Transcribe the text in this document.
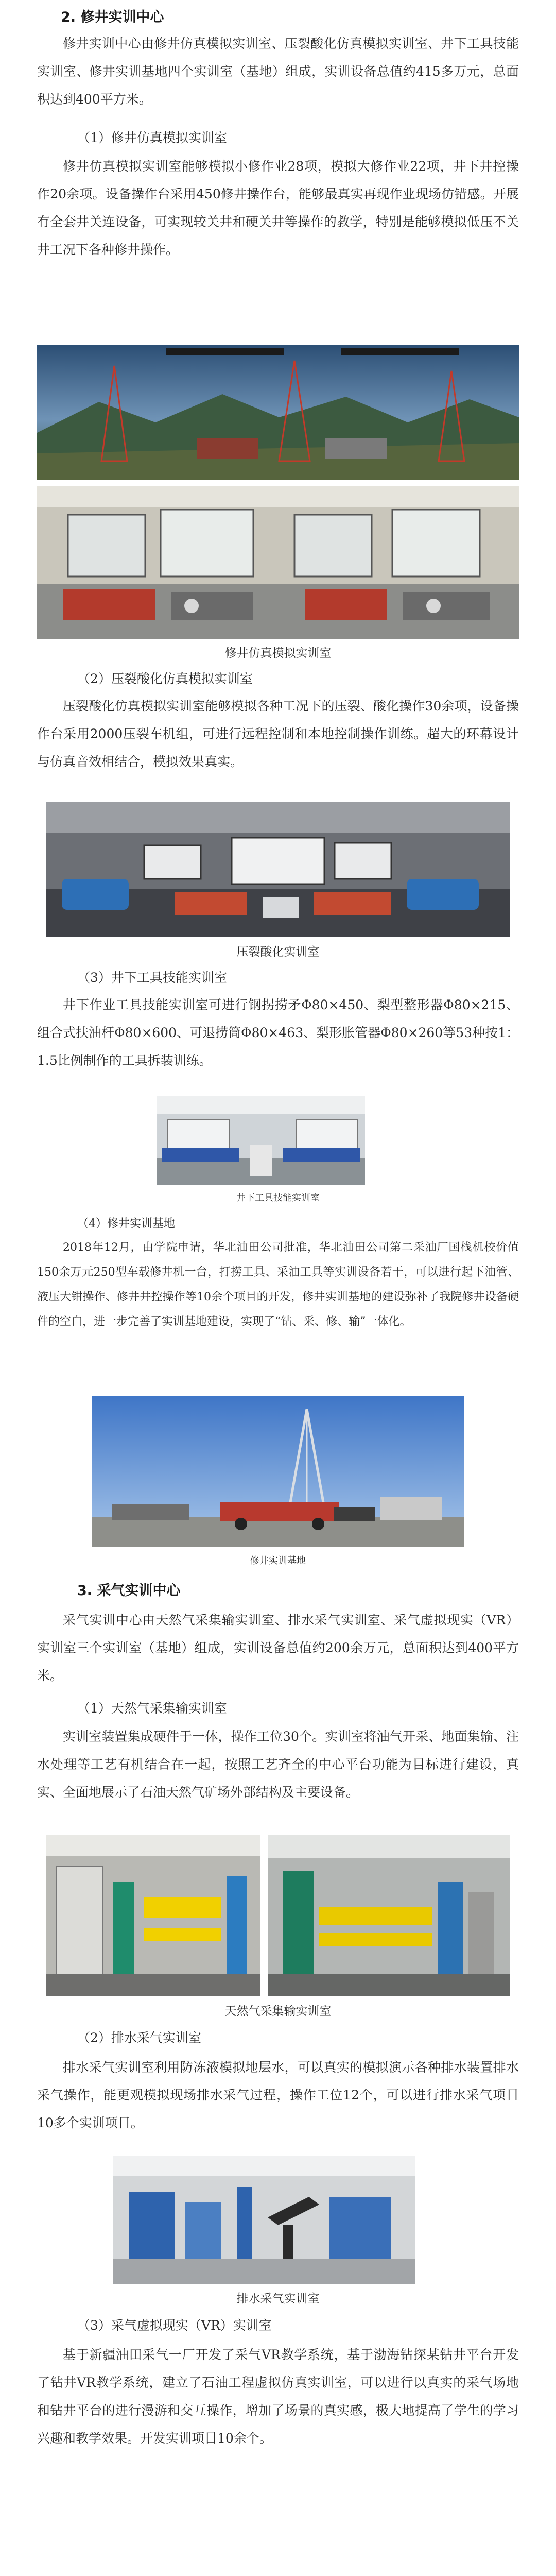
2. 修井实训中心
修井实训中心由修井仿真模拟实训室、压裂酸化仿真模拟实训室、井下工具技能实训室、修井实训基地四个实训室（基地）组成，实训设备总值约415多万元，总面积达到400平方米。
（1）修井仿真模拟实训室
修井仿真模拟实训室能够模拟小修作业28项，模拟大修作业22项，井下井控操作20余项。设备操作台采用450修井操作台，能够最真实再现作业现场仿错感。开展有全套井关连设备，可实现较关井和硬关井等操作的教学，特别是能够模拟低压不关井工况下各种修井操作。
修井仿真模拟实训室
（2）压裂酸化仿真模拟实训室
压裂酸化仿真模拟实训室能够模拟各种工况下的压裂、酸化操作30余项，设备操作台采用2000压裂车机组，可进行远程控制和本地控制操作训练。超大的环幕设计与仿真音效相结合，模拟效果真实。
压裂酸化实训室
（3）井下工具技能实训室
井下作业工具技能实训室可进行钢拐捞矛Φ80×450、梨型整形器Φ80×215、组合式扶油杆Φ80×600、可退捞筒Φ80×463、梨形胀管器Φ80×260等53种按1：1.5比例制作的工具拆装训练。
井下工具技能实训室
（4）修井实训基地
2018年12月，由学院申请，华北油田公司批准，华北油田公司第二采油厂国栈机校价值150余万元250型车载修井机一台，打捞工具、采油工具等实训设备若干，可以进行起下油管、液压大钳操作、修井井控操作等10余个项目的开发，修井实训基地的建设弥补了我院修井设备硬件的空白，进一步完善了实训基地建设，实现了“钻、采、修、输”一体化。
修井实训基地
3. 采气实训中心
采气实训中心由天然气采集输实训室、排水采气实训室、采气虚拟现实（VR）实训室三个实训室（基地）组成，实训设备总值约200余万元，总面积达到400平方米。
（1）天然气采集输实训室
实训室装置集成硬件于一体，操作工位30个。实训室将油气开采、地面集输、注水处理等工艺有机结合在一起，按照工艺齐全的中心平台功能为目标进行建设，真实、全面地展示了石油天然气矿场外部结构及主要设备。
天然气采集输实训室
（2）排水采气实训室
排水采气实训室利用防冻液模拟地层水，可以真实的模拟演示各种排水装置排水采气操作，能更观模拟现场排水采气过程，操作工位12个，可以进行排水采气项目10多个实训项目。
排水采气实训室
（3）采气虚拟现实（VR）实训室
基于新疆油田采气一厂开发了采气VR教学系统，基于渤海钻探某钻井平台开发了钻井VR教学系统，建立了石油工程虚拟仿真实训室，可以进行以真实的采气场地和钻井平台的进行漫游和交互操作，增加了场景的真实感，极大地提高了学生的学习兴趣和教学效果。开发实训项目10余个。
